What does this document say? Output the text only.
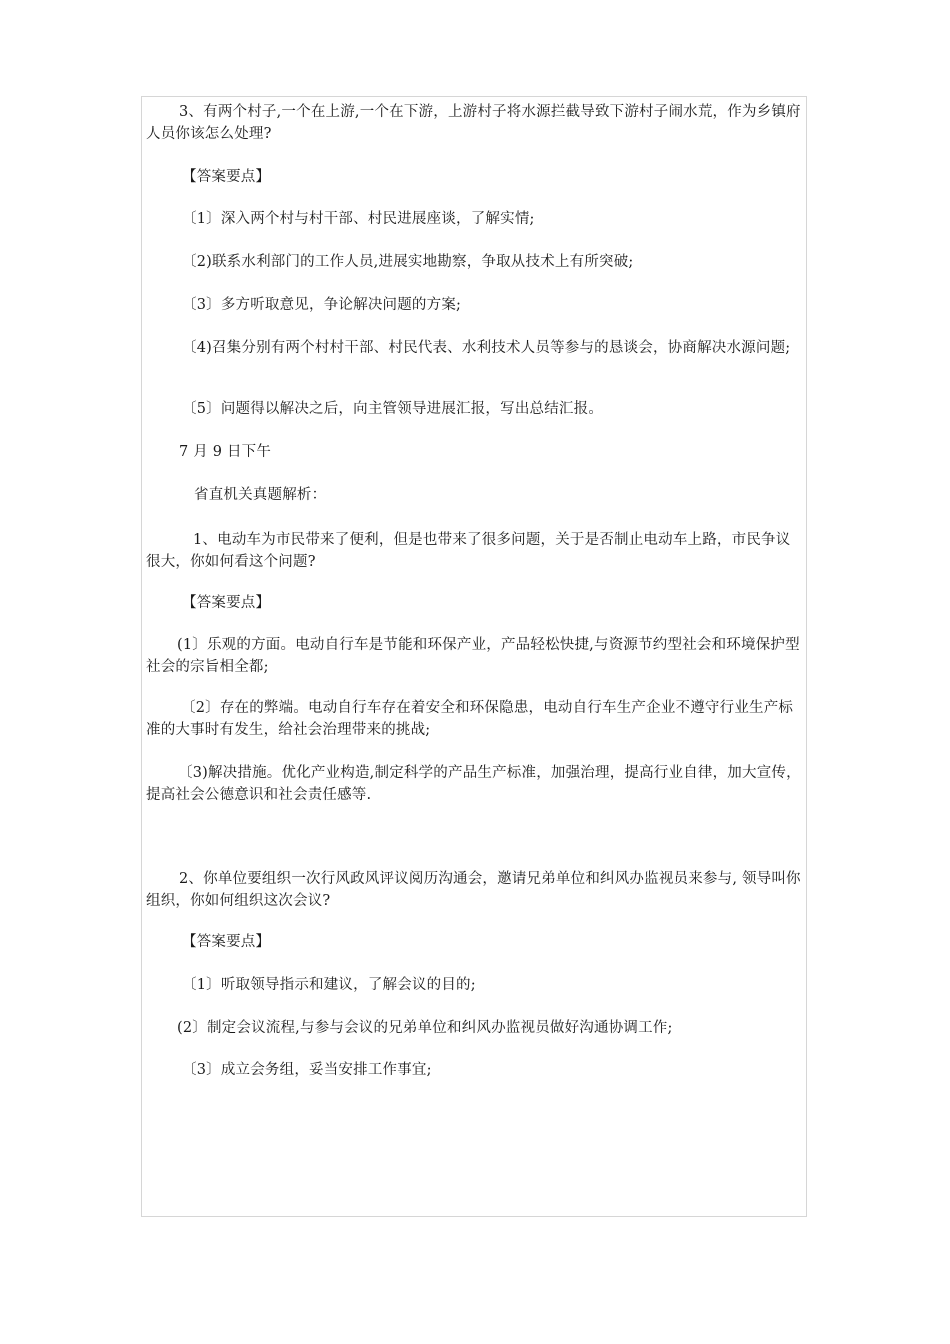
3、有两个村子,一个在上游,一个在下游，上游村子将水源拦截导致下游村子闹水荒，作为乡镇府人员你该怎么处理?
【答案要点】
〔1〕深入两个村与村干部、村民进展座谈，了解实情;
〔2)联系水利部门的工作人员,进展实地勘察，争取从技术上有所突破;
〔3〕多方听取意见，争论解决问题的方案;
〔4)召集分别有两个村村干部、村民代表、水利技术人员等参与的恳谈会，协商解决水源问题;
〔5〕问题得以解决之后，向主管领导进展汇报，写出总结汇报。
7 月 9 日下午
省直机关真题解析：
1、电动车为市民带来了便利，但是也带来了很多问题，关于是否制止电动车上路，市民争议很大，你如何看这个问题?
【答案要点】
(1〕乐观的方面。电动自行车是节能和环保产业，产品轻松快捷,与资源节约型社会和环境保护型社会的宗旨相全都;
〔2〕存在的弊端。电动自行车存在着安全和环保隐患，电动自行车生产企业不遵守行业生产标准的大事时有发生，给社会治理带来的挑战;
〔3)解决措施。优化产业构造,制定科学的产品生产标准，加强治理，提高行业自律，加大宣传，提高社会公德意识和社会责任感等.
2、你单位要组织一次行风政风评议阅历沟通会，邀请兄弟单位和纠风办监视员来参与, 领导叫你组织，你如何组织这次会议?
【答案要点】
〔1〕听取领导指示和建议，了解会议的目的;
(2〕制定会议流程,与参与会议的兄弟单位和纠风办监视员做好沟通协调工作;
〔3〕成立会务组，妥当安排工作事宜;
